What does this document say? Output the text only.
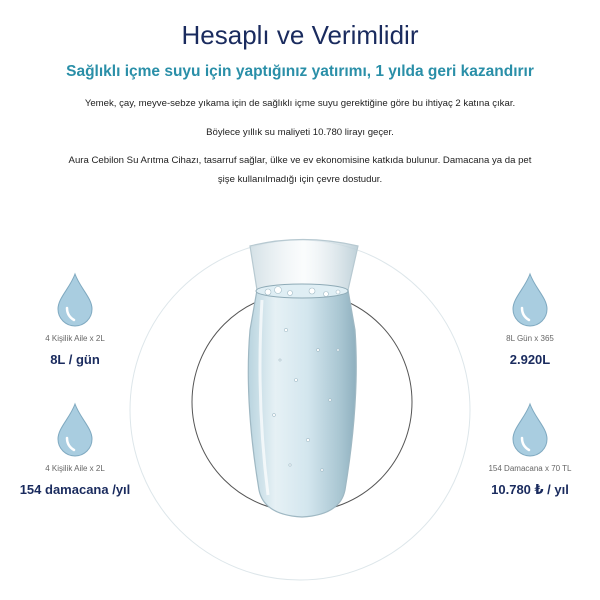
Hesaplı ve Verimlidir
Sağlıklı içme suyu için yaptığınız yatırımı, 1 yılda geri kazandırır

Yemek, çay, meyve-sebze yıkama için de sağlıklı içme suyu gerektiğine göre bu ihtiyaç 2 katına çıkar.

Böylece yıllık su maliyeti 10.780 lirayı geçer.

Aura Cebilon Su Arıtma Cihazı, tasarruf sağlar, ülke ve ev ekonomisine katkıda bulunur. Damacana ya da pet şişe kullanılmadığı için çevre dostudur.

4 Kişilik Aile x 2L
8L / gün
4 Kişilik Aile x 2L
154 damacana /yıl
8L Gün x 365
2.920L
154 Damacana x 70 TL
10.780 ₺ / yıl
